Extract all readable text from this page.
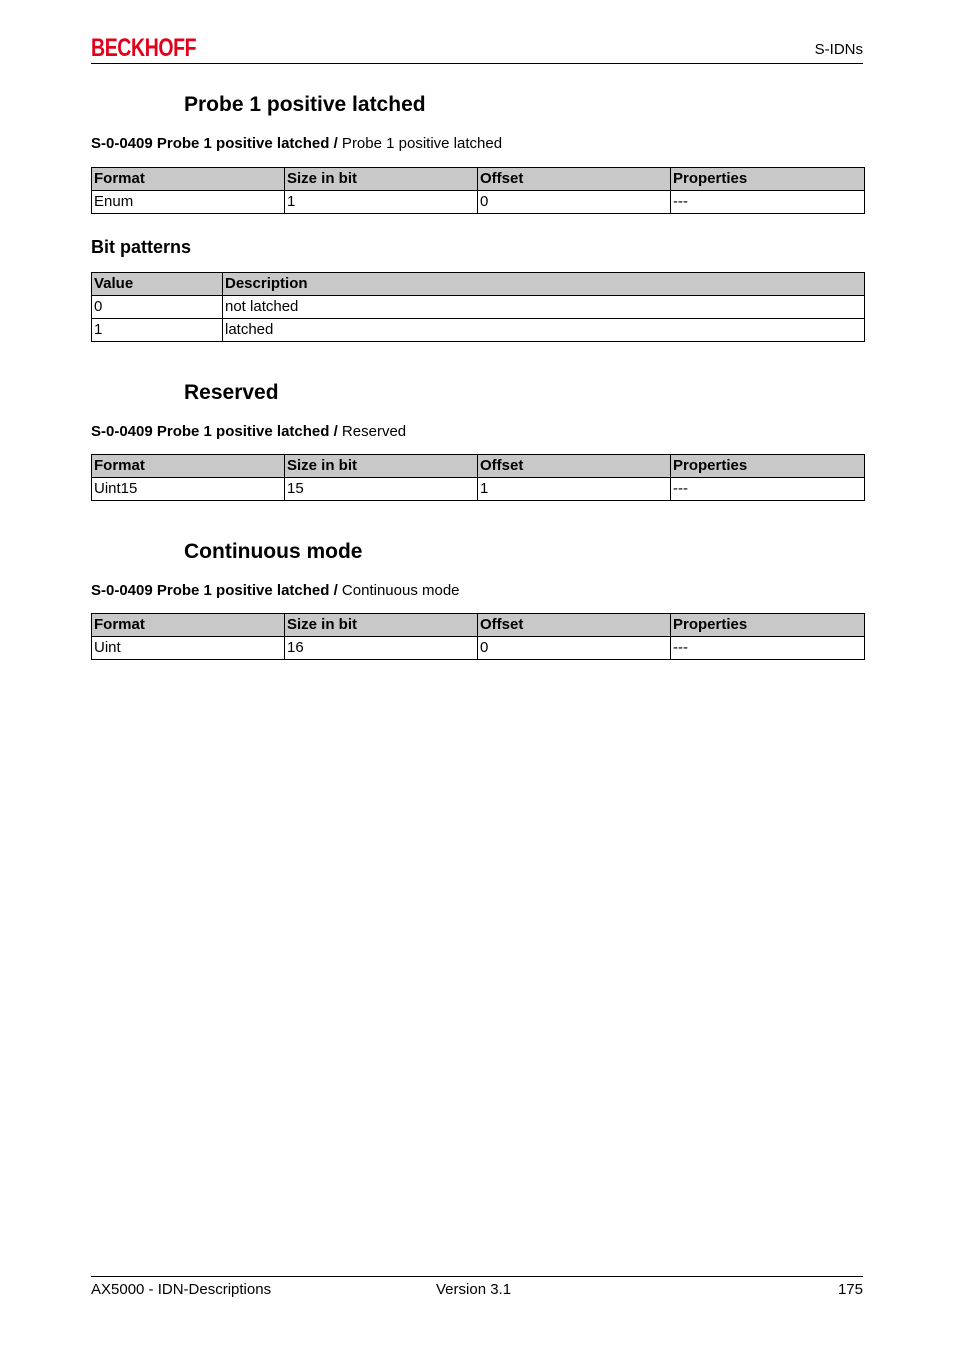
BECKHOFF	S-IDNs
Probe 1 positive latched
S-0-0409 Probe 1 positive latched / Probe 1 positive latched
Format	Size in bit	Offset	Properties
Enum	1	0	---
Bit patterns
Value	Description
0	not latched
1	latched
Reserved
S-0-0409 Probe 1 positive latched / Reserved
Format	Size in bit	Offset	Properties
Uint15	15	1	---
Continuous mode
S-0-0409 Probe 1 positive latched / Continuous mode
Format	Size in bit	Offset	Properties
Uint	16	0	---
AX5000 - IDN-Descriptions	Version 3.1	175
